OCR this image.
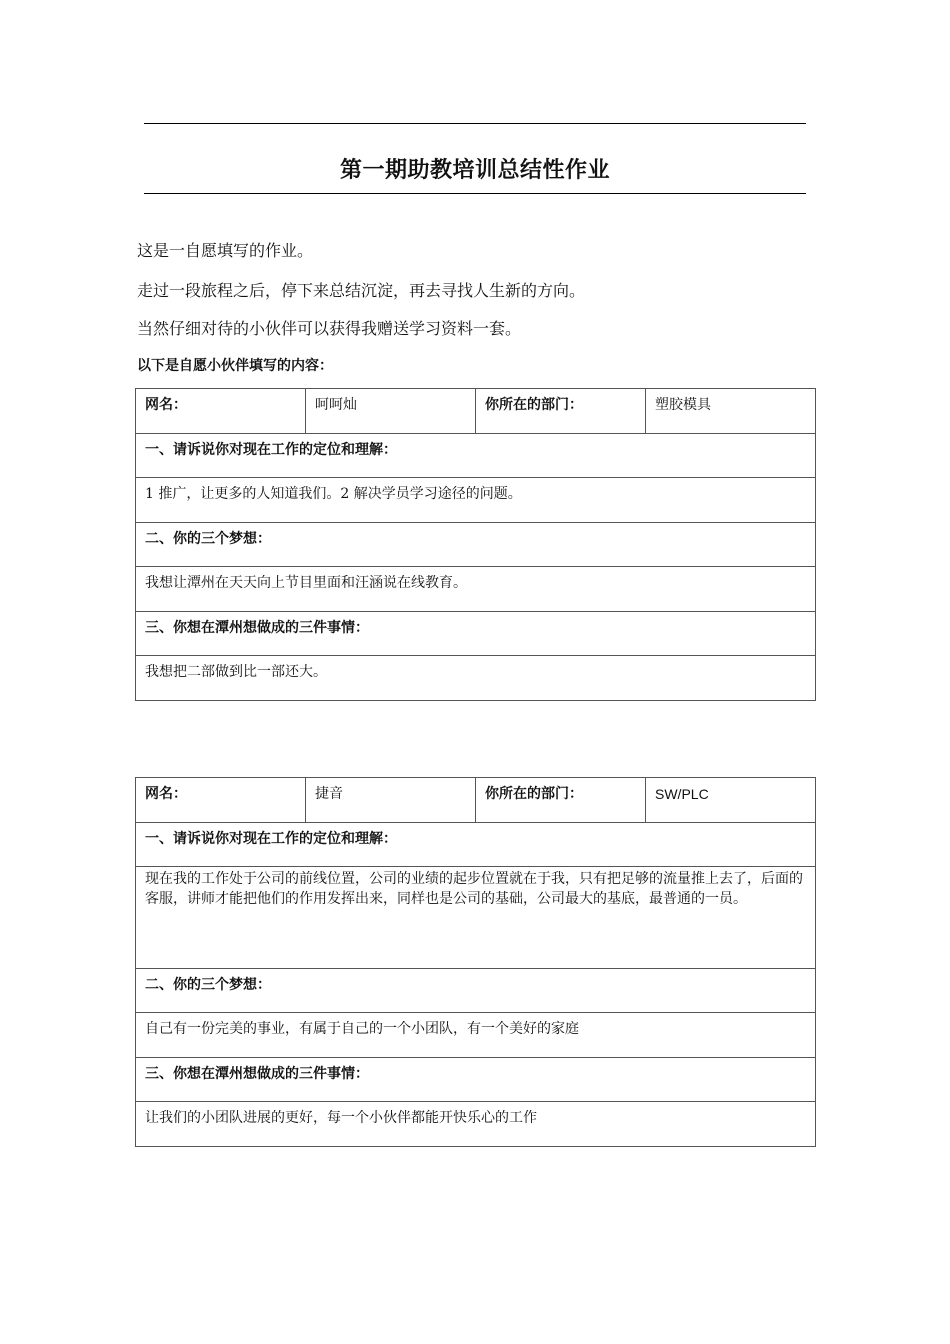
第一期助教培训总结性作业
这是一自愿填写的作业。
走过一段旅程之后，停下来总结沉淀，再去寻找人生新的方向。
当然仔细对待的小伙伴可以获得我赠送学习资料一套。
以下是自愿小伙伴填写的内容：
网名：	呵呵灿	你所在的部门：	塑胶模具
一、请诉说你对现在工作的定位和理解：
1 推广，让更多的人知道我们。2 解决学员学习途径的问题。
二、你的三个梦想：
我想让潭州在天天向上节目里面和汪涵说在线教育。
三、你想在潭州想做成的三件事情：
我想把二部做到比一部还大。
网名：	捷音	你所在的部门：	SW/PLC
一、请诉说你对现在工作的定位和理解：
现在我的工作处于公司的前线位置，公司的业绩的起步位置就在于我，只有把足够的流量推上去了，后面的客服，讲师才能把他们的作用发挥出来，同样也是公司的基础，公司最大的基底，最普通的一员。
二、你的三个梦想：
自己有一份完美的事业，有属于自己的一个小团队，有一个美好的家庭
三、你想在潭州想做成的三件事情：
让我们的小团队进展的更好，每一个小伙伴都能开快乐心的工作
